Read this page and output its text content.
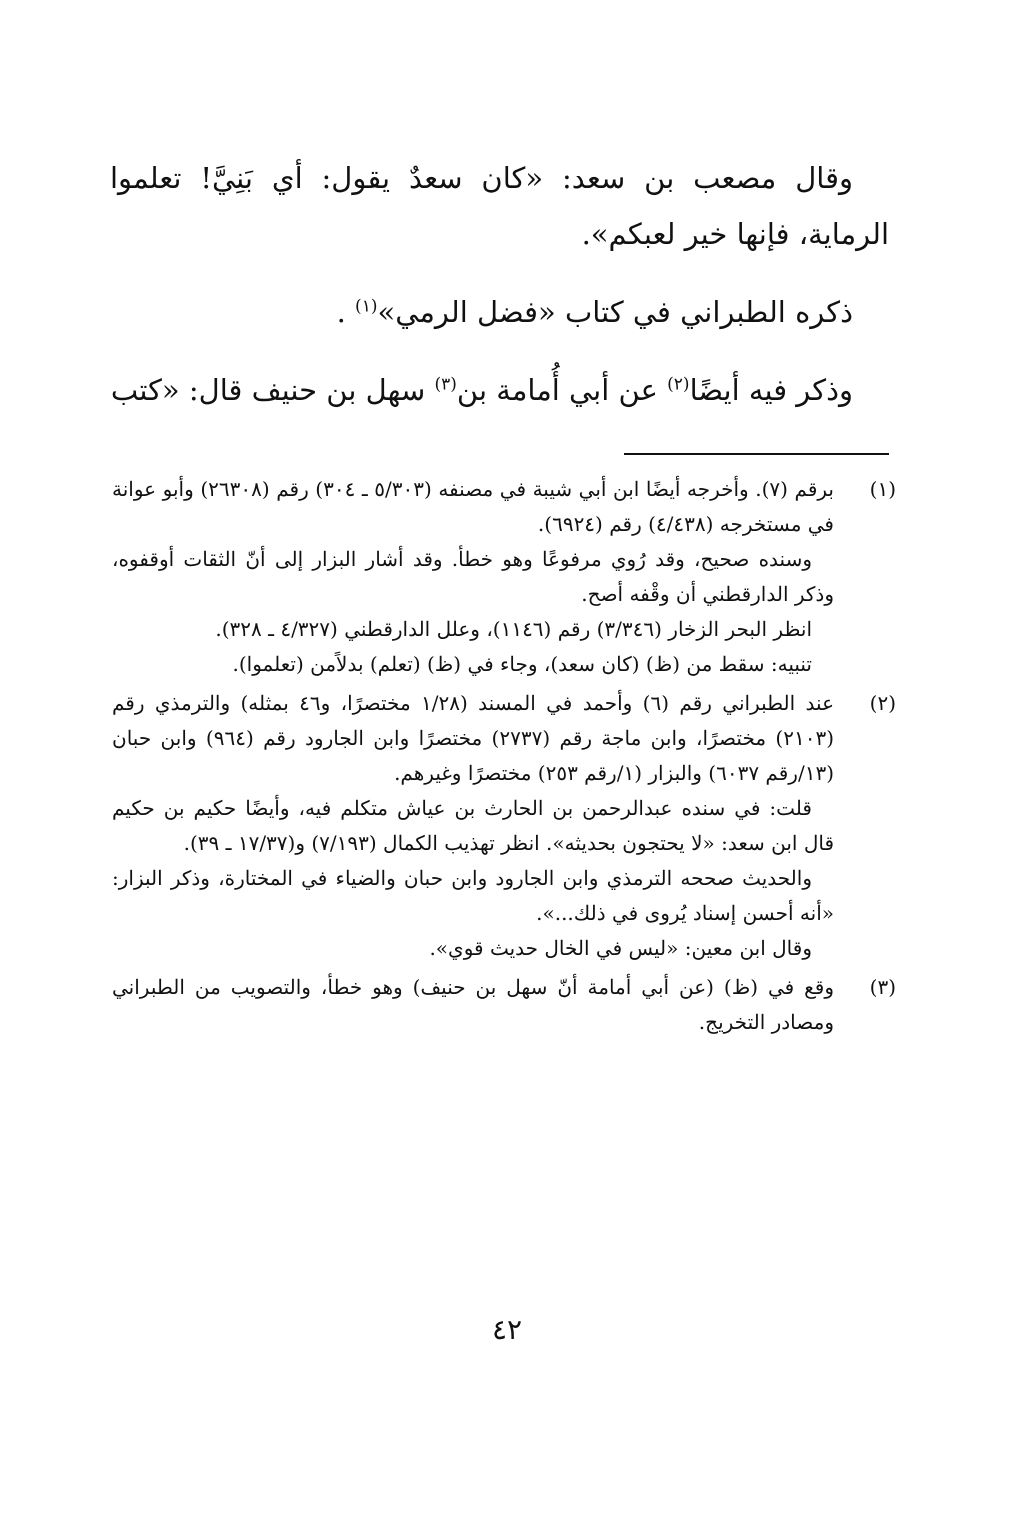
وقال مصعب بن سعد: «كان سعدٌ يقول: أي بَنِيَّ! تعلموا الرماية، فإنها خير لعبكم».

ذكره الطبراني في كتاب «فضل الرمي»$^{(١)}$ .

وذكر فيه أيضًا$^{(٢)}$ عن أبي أُمامة بن$^{(٣)}$ سهل بن حنيف قال: «كتب

(١)

برقم (٧). وأخرجه أيضًا ابن أبي شيبة في مصنفه (٥/٣٠٣ ـ ٣٠٤) رقم (٢٦٣٠٨) وأبو عوانة في مستخرجه (٤/٤٣٨) رقم (٦٩٢٤).

وسنده صحيح، وقد رُوي مرفوعًا وهو خطأ. وقد أشار البزار إلى أنّ الثقات أوقفوه، وذكر الدارقطني أن وقْفه أصح.

انظر البحر الزخار (٣/٣٤٦) رقم (١١٤٦)، وعلل الدارقطني (٤/٣٢٧ ـ ٣٢٨).

تنبيه: سقط من (ظ) (كان سعد)، وجاء في (ظ) (تعلم) بدلاًمن (تعلموا).

(٢)

عند الطبراني رقم (٦) وأحمد في المسند (١/٢٨ مختصرًا، و٤٦ بمثله) والترمذي رقم (٢١٠٣) مختصرًا، وابن ماجة رقم (٢٧٣٧) مختصرًا وابن الجارود رقم (٩٦٤) وابن حبان (١٣/رقم ٦٠٣٧) والبزار (١/رقم ٢٥٣) مختصرًا وغيرهم.

قلت: في سنده عبدالرحمن بن الحارث بن عياش متكلم فيه، وأيضًا حكيم بن حكيم قال ابن سعد: «لا يحتجون بحديثه». انظر تهذيب الكمال (٧/١٩٣) و(١٧/٣٧ ـ ٣٩).

والحديث صححه الترمذي وابن الجارود وابن حبان والضياء في المختارة، وذكر البزار: «أنه أحسن إسناد يُروى في ذلك...».

وقال ابن معين: «ليس في الخال حديث قوي».

(٣)

وقع في (ظ) (عن أبي أمامة أنّ سهل بن حنيف) وهو خطأ، والتصويب من الطبراني ومصادر التخريج.

٤٢
